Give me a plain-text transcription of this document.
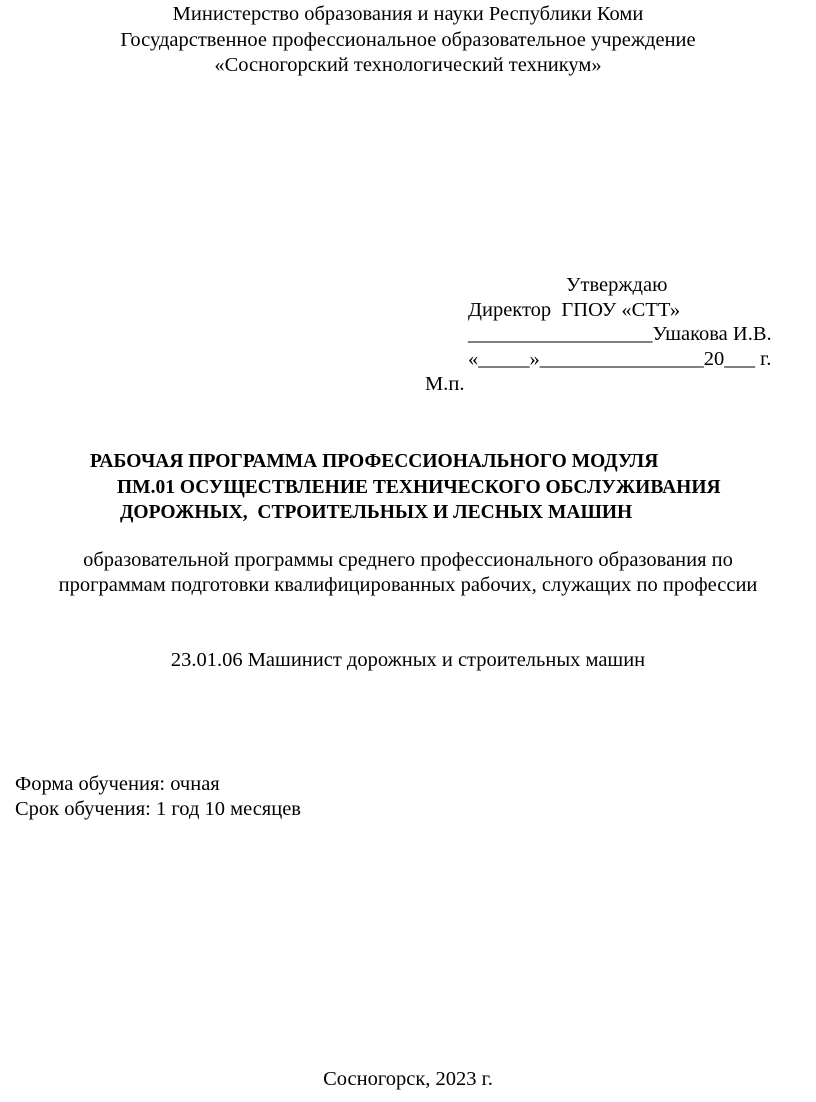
Министерство образования и науки Республики Коми
Государственное профессиональное образовательное учреждение
«Сосногорский технологический техникум»
Утверждаю
Директор  ГПОУ «СТТ»
__________________Ушакова И.В.
«_____»________________20___ г.
М.п.
РАБОЧАЯ ПРОГРАММА ПРОФЕССИОНАЛЬНОГО МОДУЛЯ
ПМ.01 ОСУЩЕСТВЛЕНИЕ ТЕХНИЧЕСКОГО ОБСЛУЖИВАНИЯ
ДОРОЖНЫХ,  СТРОИТЕЛЬНЫХ И ЛЕСНЫХ МАШИН
образовательной программы среднего профессионального образования по
программам подготовки квалифицированных рабочих, служащих по профессии
23.01.06 Машинист дорожных и строительных машин
Форма обучения: очная
Срок обучения: 1 год 10 месяцев
Сосногорск, 2023 г.
